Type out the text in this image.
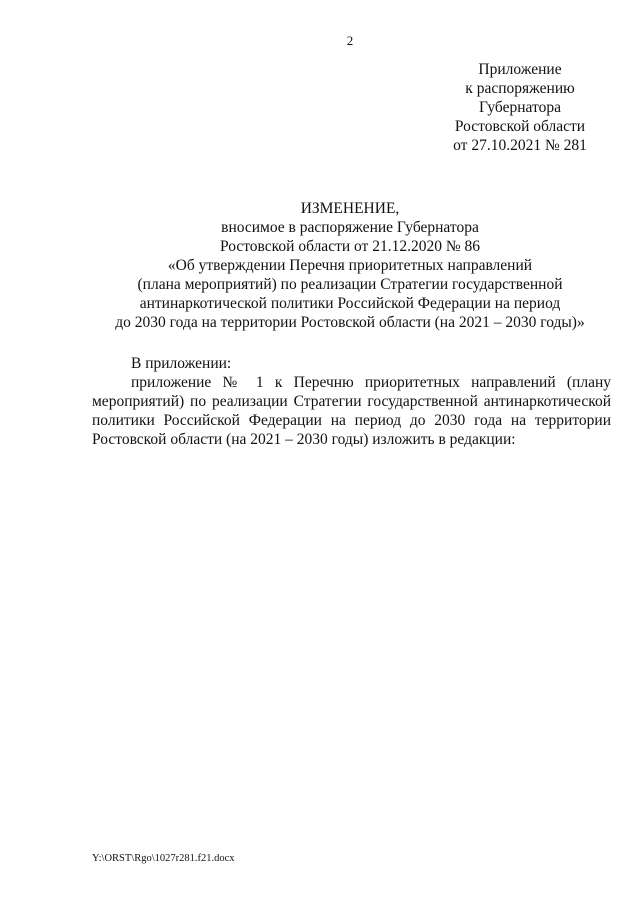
2
Приложение
к распоряжению
Губернатора
Ростовской области
от 27.10.2021 № 281
ИЗМЕНЕНИЕ,
вносимое в распоряжение Губернатора
Ростовской области от 21.12.2020 № 86
«Об утверждении Перечня приоритетных направлений
(плана мероприятий) по реализации Стратегии государственной
антинаркотической политики Российской Федерации на период
до 2030 года на территории Ростовской области (на 2021 – 2030 годы)»

В приложении:

приложение № 1 к Перечню приоритетных направлений (плану мероприятий) по реализации Стратегии государственной антинаркотической политики Российской Федерации на период до 2030 года на территории Ростовской области (на 2021 – 2030 годы) изложить в редакции:

Y:\ORST\Rgo\1027r281.f21.docx
